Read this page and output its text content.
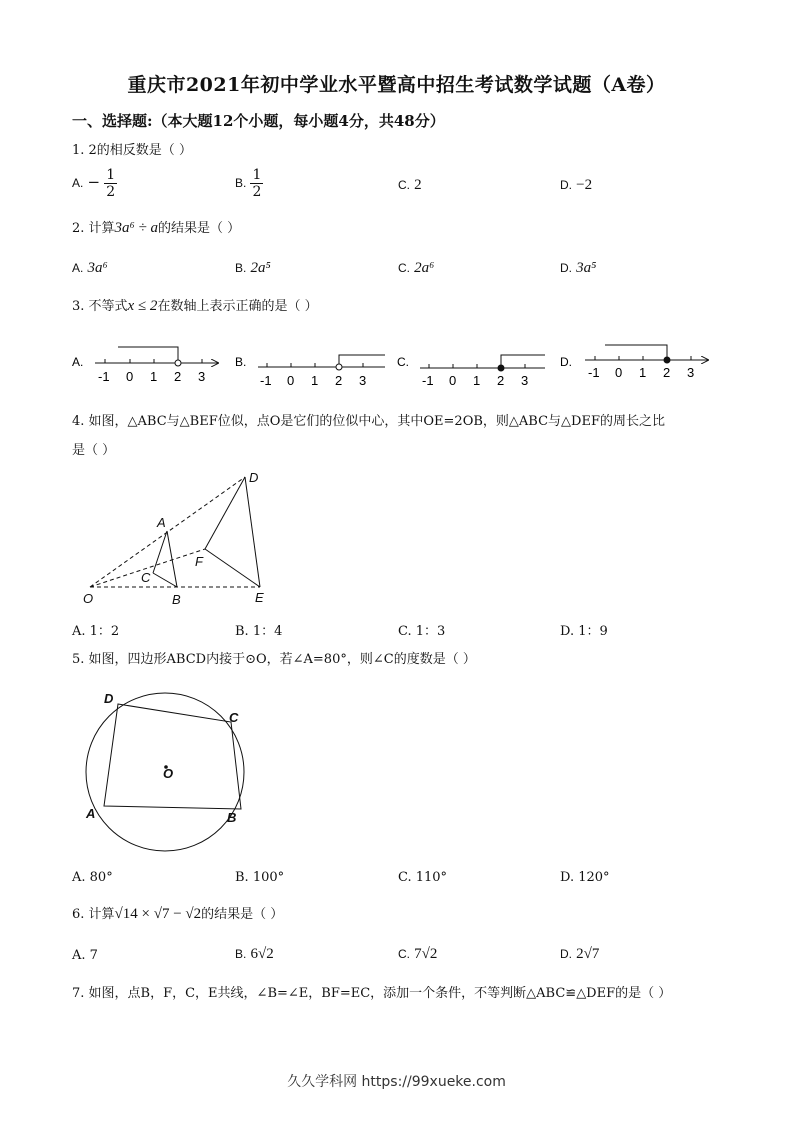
重庆市2021年初中学业水平暨高中招生考试数学试题（A卷）
一、选择题:（本大题12个小题，每小题4分，共48分）
1. 2的相反数是（ ）
A. − $\frac{1}{2}$	B. $\frac{1}{2}$	C. 2	D. −2
2. 计算3a⁶ ÷ a的结果是（ ）
A. 3a⁶	B. 2a⁵	C. 2a⁶	D. 3a⁵
3. 不等式x ≤ 2在数轴上表示正确的是（ ）
A.
-1 0 1 2 3
B.
-1 0 1 2 3
C.
-1 0 1 2 3
D.
-1 0 1 2 3
4. 如图，△ABC与△BEF位似，点O是它们的位似中心，其中OE=2OB，则△ABC与△DEF的周长之比
是（ ）
A
C
B
D
F
E
O
A. 1：2	B. 1：4	C. 1：3	D. 1：9
5. 如图，四边形ABCD内接于⊙O，若∠A=80°，则∠C的度数是（ ）
D
C
O
A	B
A. 80°	B. 100°	C. 110°	D. 120°
6. 计算√14 × √7 − √2的结果是（ ）
A. 7	B. 6√2	C. 7√2	D. 2√7
7. 如图，点B，F，C，E共线，∠B=∠E，BF=EC，添加一个条件，不等判断△ABC≌△DEF的是（ ）
久久学科网 https://99xueke.com
